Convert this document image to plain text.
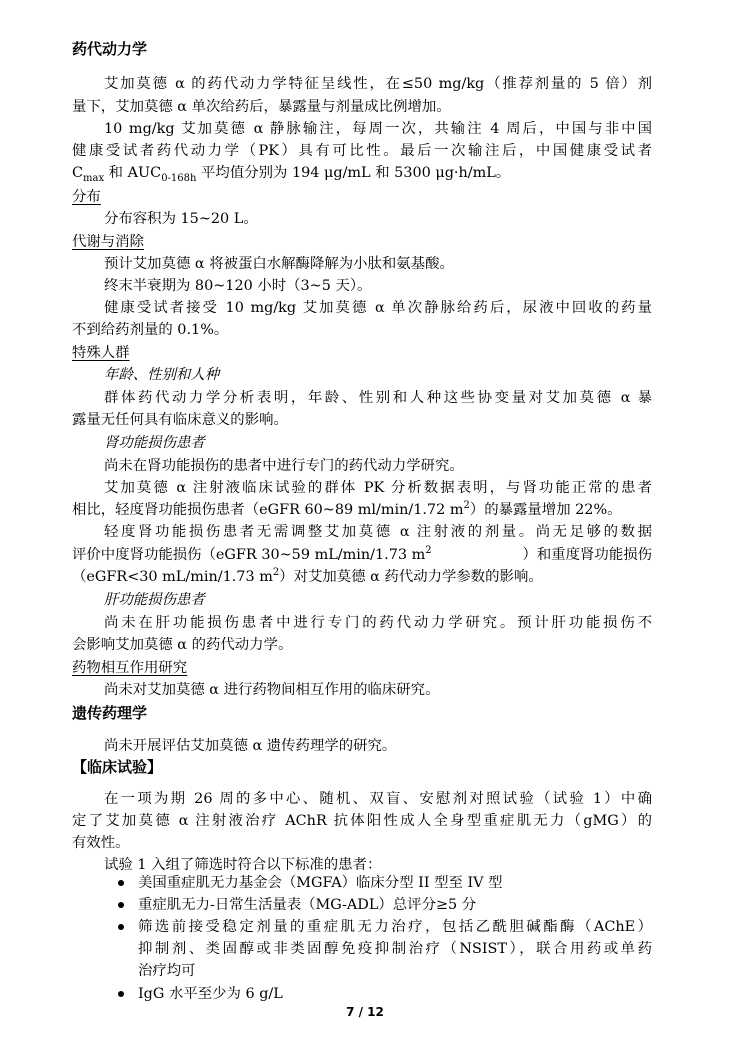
药代动力学
艾加莫德 α 的药代动力学特征呈线性，在≤50 mg/kg（推荐剂量的 5 倍）剂
量下，艾加莫德 α 单次给药后，暴露量与剂量成比例增加。
10 mg/kg 艾加莫德 α 静脉输注，每周一次，共输注 4 周后，中国与非中国
健康受试者药代动力学（PK）具有可比性。最后一次输注后，中国健康受试者
$C_{max}$ 和 $AUC_{0-168h}$ 平均值分别为 194 μg/mL 和 5300 μg·h/mL。
分布
分布容积为 15~20 L。
代谢与消除
预计艾加莫德 α 将被蛋白水解酶降解为小肽和氨基酸。
终末半衰期为 80~120 小时（3~5 天）。
健康受试者接受 10 mg/kg 艾加莫德 α 单次静脉给药后，尿液中回收的药量
不到给药剂量的 0.1%。
特殊人群
年龄、性别和人种
群体药代动力学分析表明，年龄、性别和人种这些协变量对艾加莫德 α 暴
露量无任何具有临床意义的影响。
肾功能损伤患者
尚未在肾功能损伤的患者中进行专门的药代动力学研究。
艾加莫德 α 注射液临床试验的群体 PK 分析数据表明，与肾功能正常的患者
相比，轻度肾功能损伤患者（eGFR 60~89 ml/min/1.72 $m^2$）的暴露量增加 22%。
轻度肾功能损伤患者无需调整艾加莫德 α 注射液的剂量。尚无足够的数据
评价中度肾功能损伤（eGFR 30~59 mL/min/1.73 $m^2$	）和重度肾功能损伤
（eGFR<30 mL/min/1.73 $m^2$）对艾加莫德 α 药代动力学参数的影响。
肝功能损伤患者
尚未在肝功能损伤患者中进行专门的药代动力学研究。预计肝功能损伤不
会影响艾加莫德 α 的药代动力学。
药物相互作用研究
尚未对艾加莫德 α 进行药物间相互作用的临床研究。
遗传药理学
尚未开展评估艾加莫德 α 遗传药理学的研究。
【临床试验】
在一项为期 26 周的多中心、随机、双盲、安慰剂对照试验（试验 1）中确
定了艾加莫德 α 注射液治疗 AChR 抗体阳性成人全身型重症肌无力（gMG）的
有效性。
试验 1 入组了筛选时符合以下标准的患者：
美国重症肌无力基金会（MGFA）临床分型 II 型至 IV 型
重症肌无力-日常生活量表（MG-ADL）总评分≥5 分
筛选前接受稳定剂量的重症肌无力治疗，包括乙酰胆碱酯酶（AChE）
抑制剂、类固醇或非类固醇免疫抑制治疗（NSIST），联合用药或单药
治疗均可
IgG 水平至少为 6 g/L
7 / 12
